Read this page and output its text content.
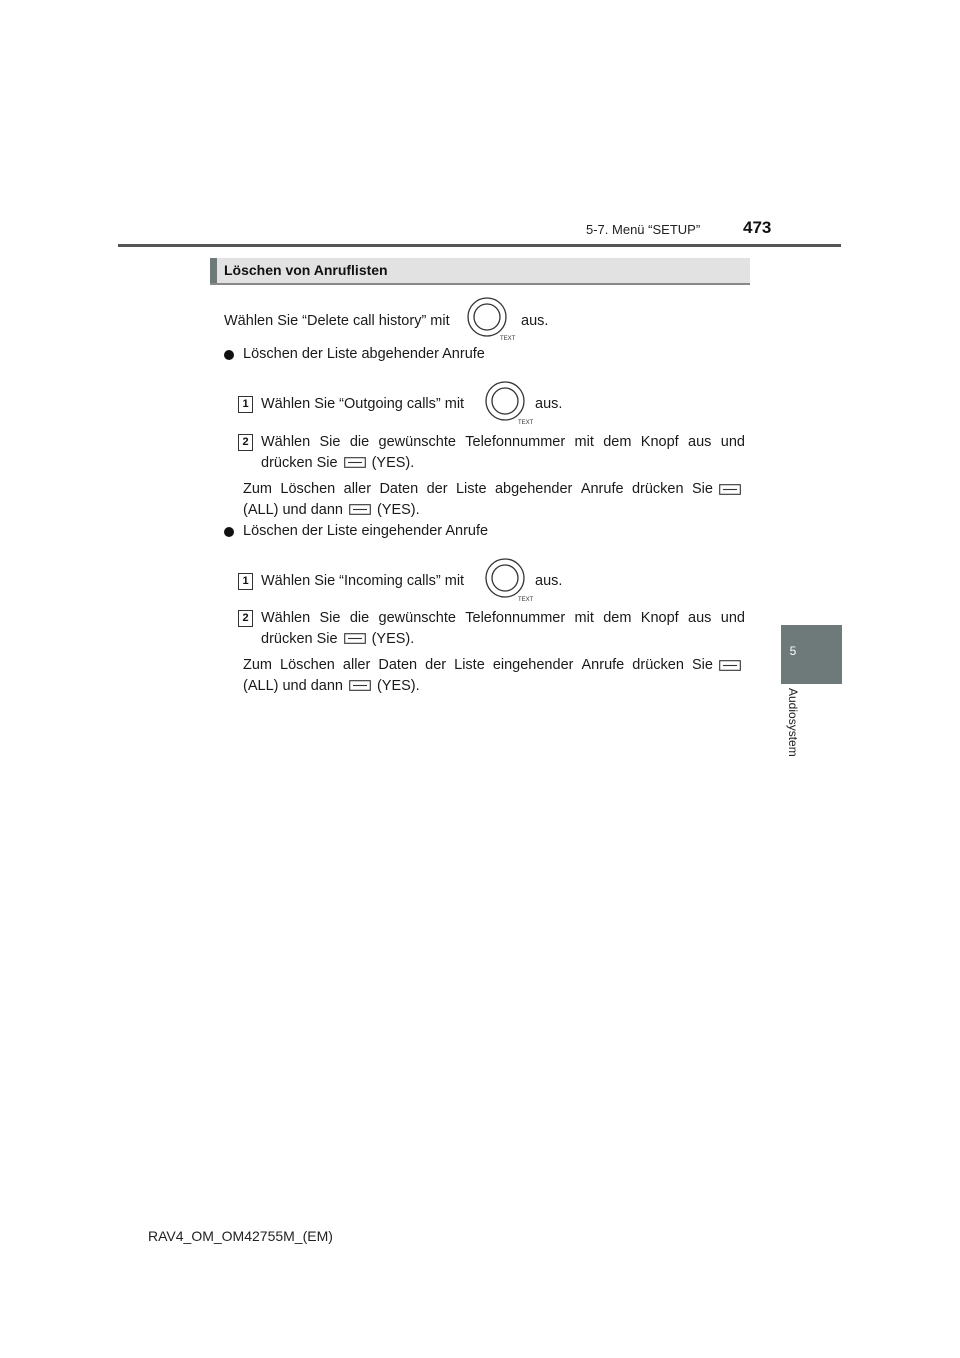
5-7. Menü “SETUP”	473
5
Audiosystem
Löschen von Anruflisten
Wählen Sie “Delete call history” mit
TEXT
aus.
Löschen der Liste abgehender Anrufe
1 Wählen Sie “Outgoing calls” mit
TEXT
aus.
2 Wählen Sie die gewünschte Telefonnummer mit dem Knopf aus und
drücken Sie (YES).
Zum Löschen aller Daten der Liste abgehender Anrufe drücken Sie
(ALL) und dann (YES).
Löschen der Liste eingehender Anrufe
1 Wählen Sie “Incoming calls” mit
TEXT
aus.
2 Wählen Sie die gewünschte Telefonnummer mit dem Knopf aus und
drücken Sie (YES).
Zum Löschen aller Daten der Liste eingehender Anrufe drücken Sie
(ALL) und dann (YES).
RAV4_OM_OM42755M_(EM)
